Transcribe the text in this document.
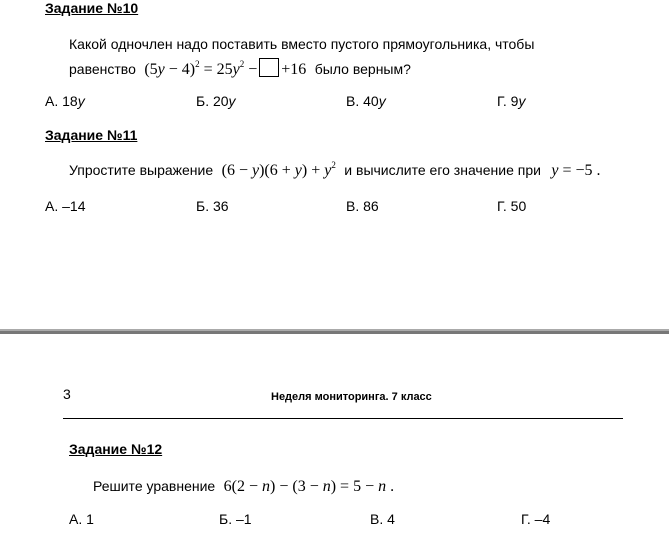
Задание №10
Какой одночлен надо поставить вместо пустого прямоугольника, чтобы
равенство $(5y - 4)^2 = 25y^2 - +16$ было верным?
А. 18y	Б. 20y	В. 40y	Г. 9y
Задание №11
Упростите выражение $(6 - y)(6 + y) + y^2$ и вычислите его значение при y = −5 .
А. –14	Б. 36	В. 86	Г. 50
3	Неделя мониторинга. 7 класс
Задание №12
Решите уравнение 6(2 − n) − (3 − n) = 5 − n .
А. 1	Б. –1	В. 4	Г. –4
